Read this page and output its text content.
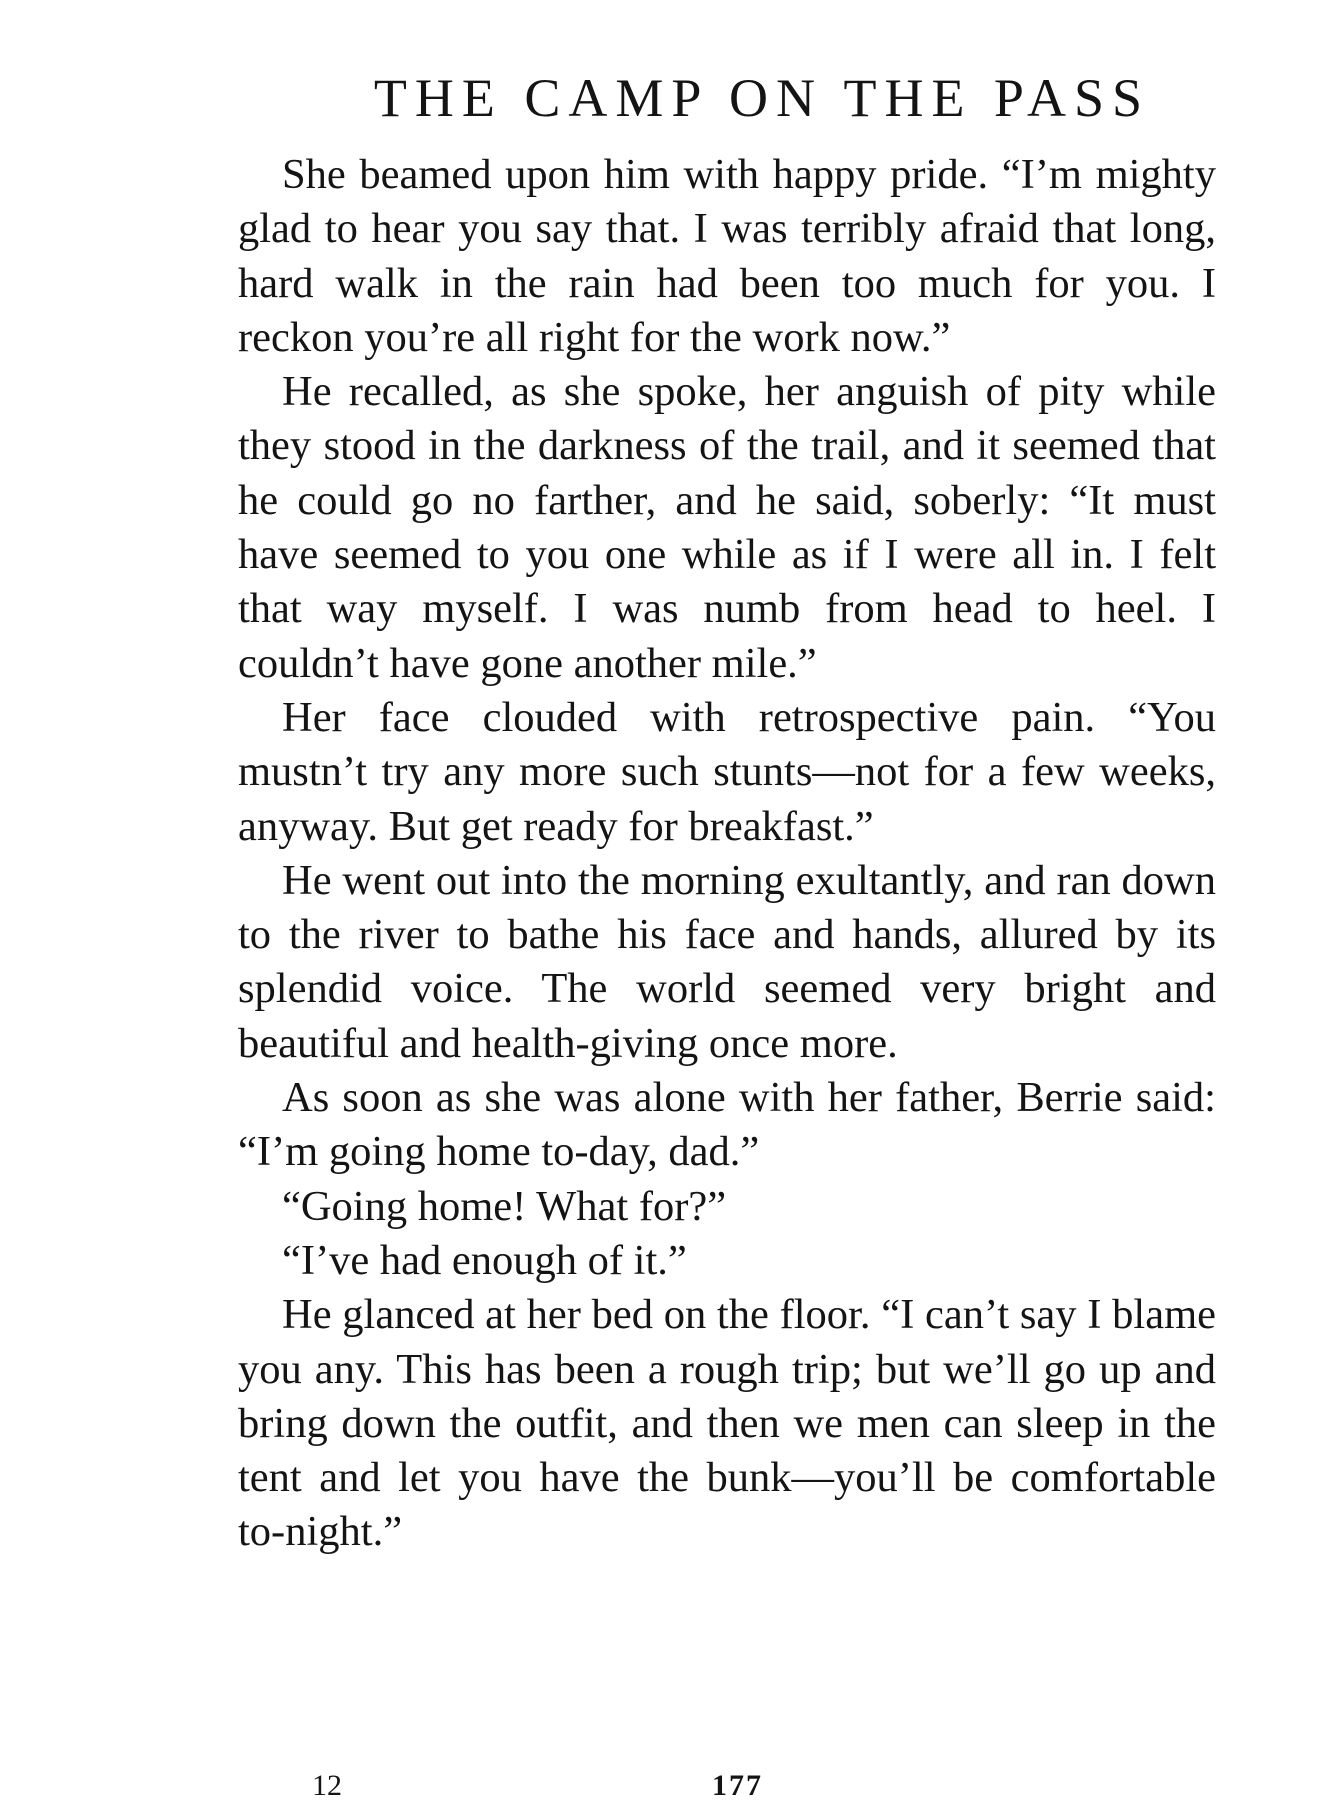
THE CAMP ON THE PASS

She beamed upon him with happy pride. “I’m mighty glad to hear you say that. I was terribly afraid that long, hard walk in the rain had been too much for you. I reckon you’re all right for the work now.”

He recalled, as she spoke, her anguish of pity while they stood in the darkness of the trail, and it seemed that he could go no farther, and he said, soberly: “It must have seemed to you one while as if I were all in. I felt that way myself. I was numb from head to heel. I couldn’t have gone another mile.”

Her face clouded with retrospective pain. “You mustn’t try any more such stunts—not for a few weeks, anyway. But get ready for breakfast.”

He went out into the morning exultantly, and ran down to the river to bathe his face and hands, allured by its splendid voice. The world seemed very bright and beautiful and health-giving once more.

As soon as she was alone with her father, Berrie said: “I’m going home to-day, dad.”

“Going home! What for?”

“I’ve had enough of it.”

He glanced at her bed on the floor. “I can’t say I blame you any. This has been a rough trip; but we’ll go up and bring down the outfit, and then we men can sleep in the tent and let you have the bunk—you’ll be comfortable to-night.”

12	177
